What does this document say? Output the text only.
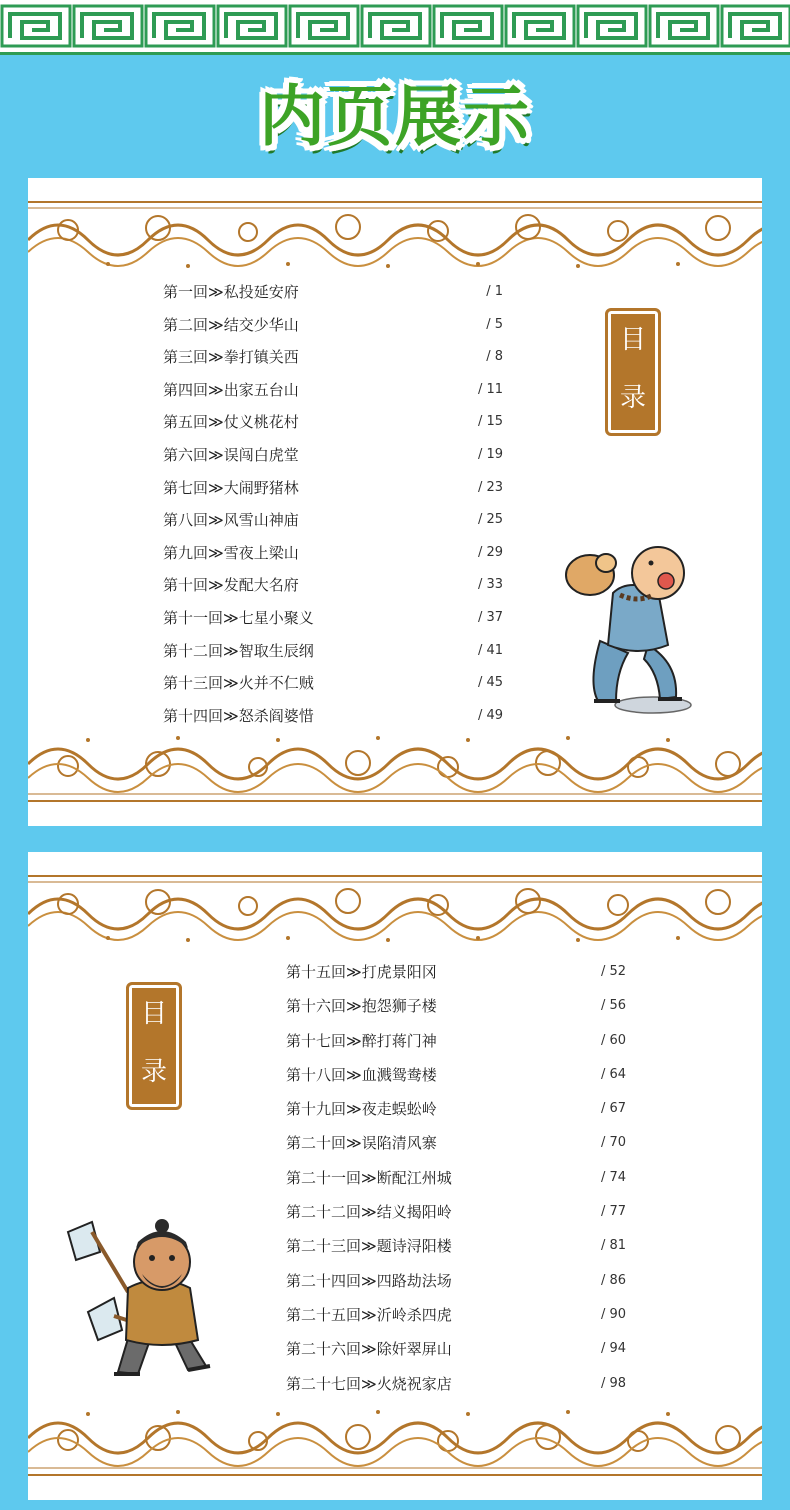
内页展示
第一回≫私投延安府	/ 1
第二回≫结交少华山	/ 5
第三回≫拳打镇关西	/ 8
第四回≫出家五台山	/ 11
第五回≫仗义桃花村	/ 15
第六回≫误闯白虎堂	/ 19
第七回≫大闹野猪林	/ 23
第八回≫风雪山神庙	/ 25
第九回≫雪夜上梁山	/ 29
第十回≫发配大名府	/ 33
第十一回≫七星小聚义	/ 37
第十二回≫智取生辰纲	/ 41
第十三回≫火并不仁贼	/ 45
第十四回≫怒杀阎婆惜	/ 49
目
录
目
录
第十五回≫打虎景阳冈	/ 52
第十六回≫抱怨狮子楼	/ 56
第十七回≫醉打蒋门神	/ 60
第十八回≫血溅鸳鸯楼	/ 64
第十九回≫夜走蜈蚣岭	/ 67
第二十回≫误陷清风寨	/ 70
第二十一回≫断配江州城	/ 74
第二十二回≫结义揭阳岭	/ 77
第二十三回≫题诗浔阳楼	/ 81
第二十四回≫四路劫法场	/ 86
第二十五回≫沂岭杀四虎	/ 90
第二十六回≫除奸翠屏山	/ 94
第二十七回≫火烧祝家店	/ 98
